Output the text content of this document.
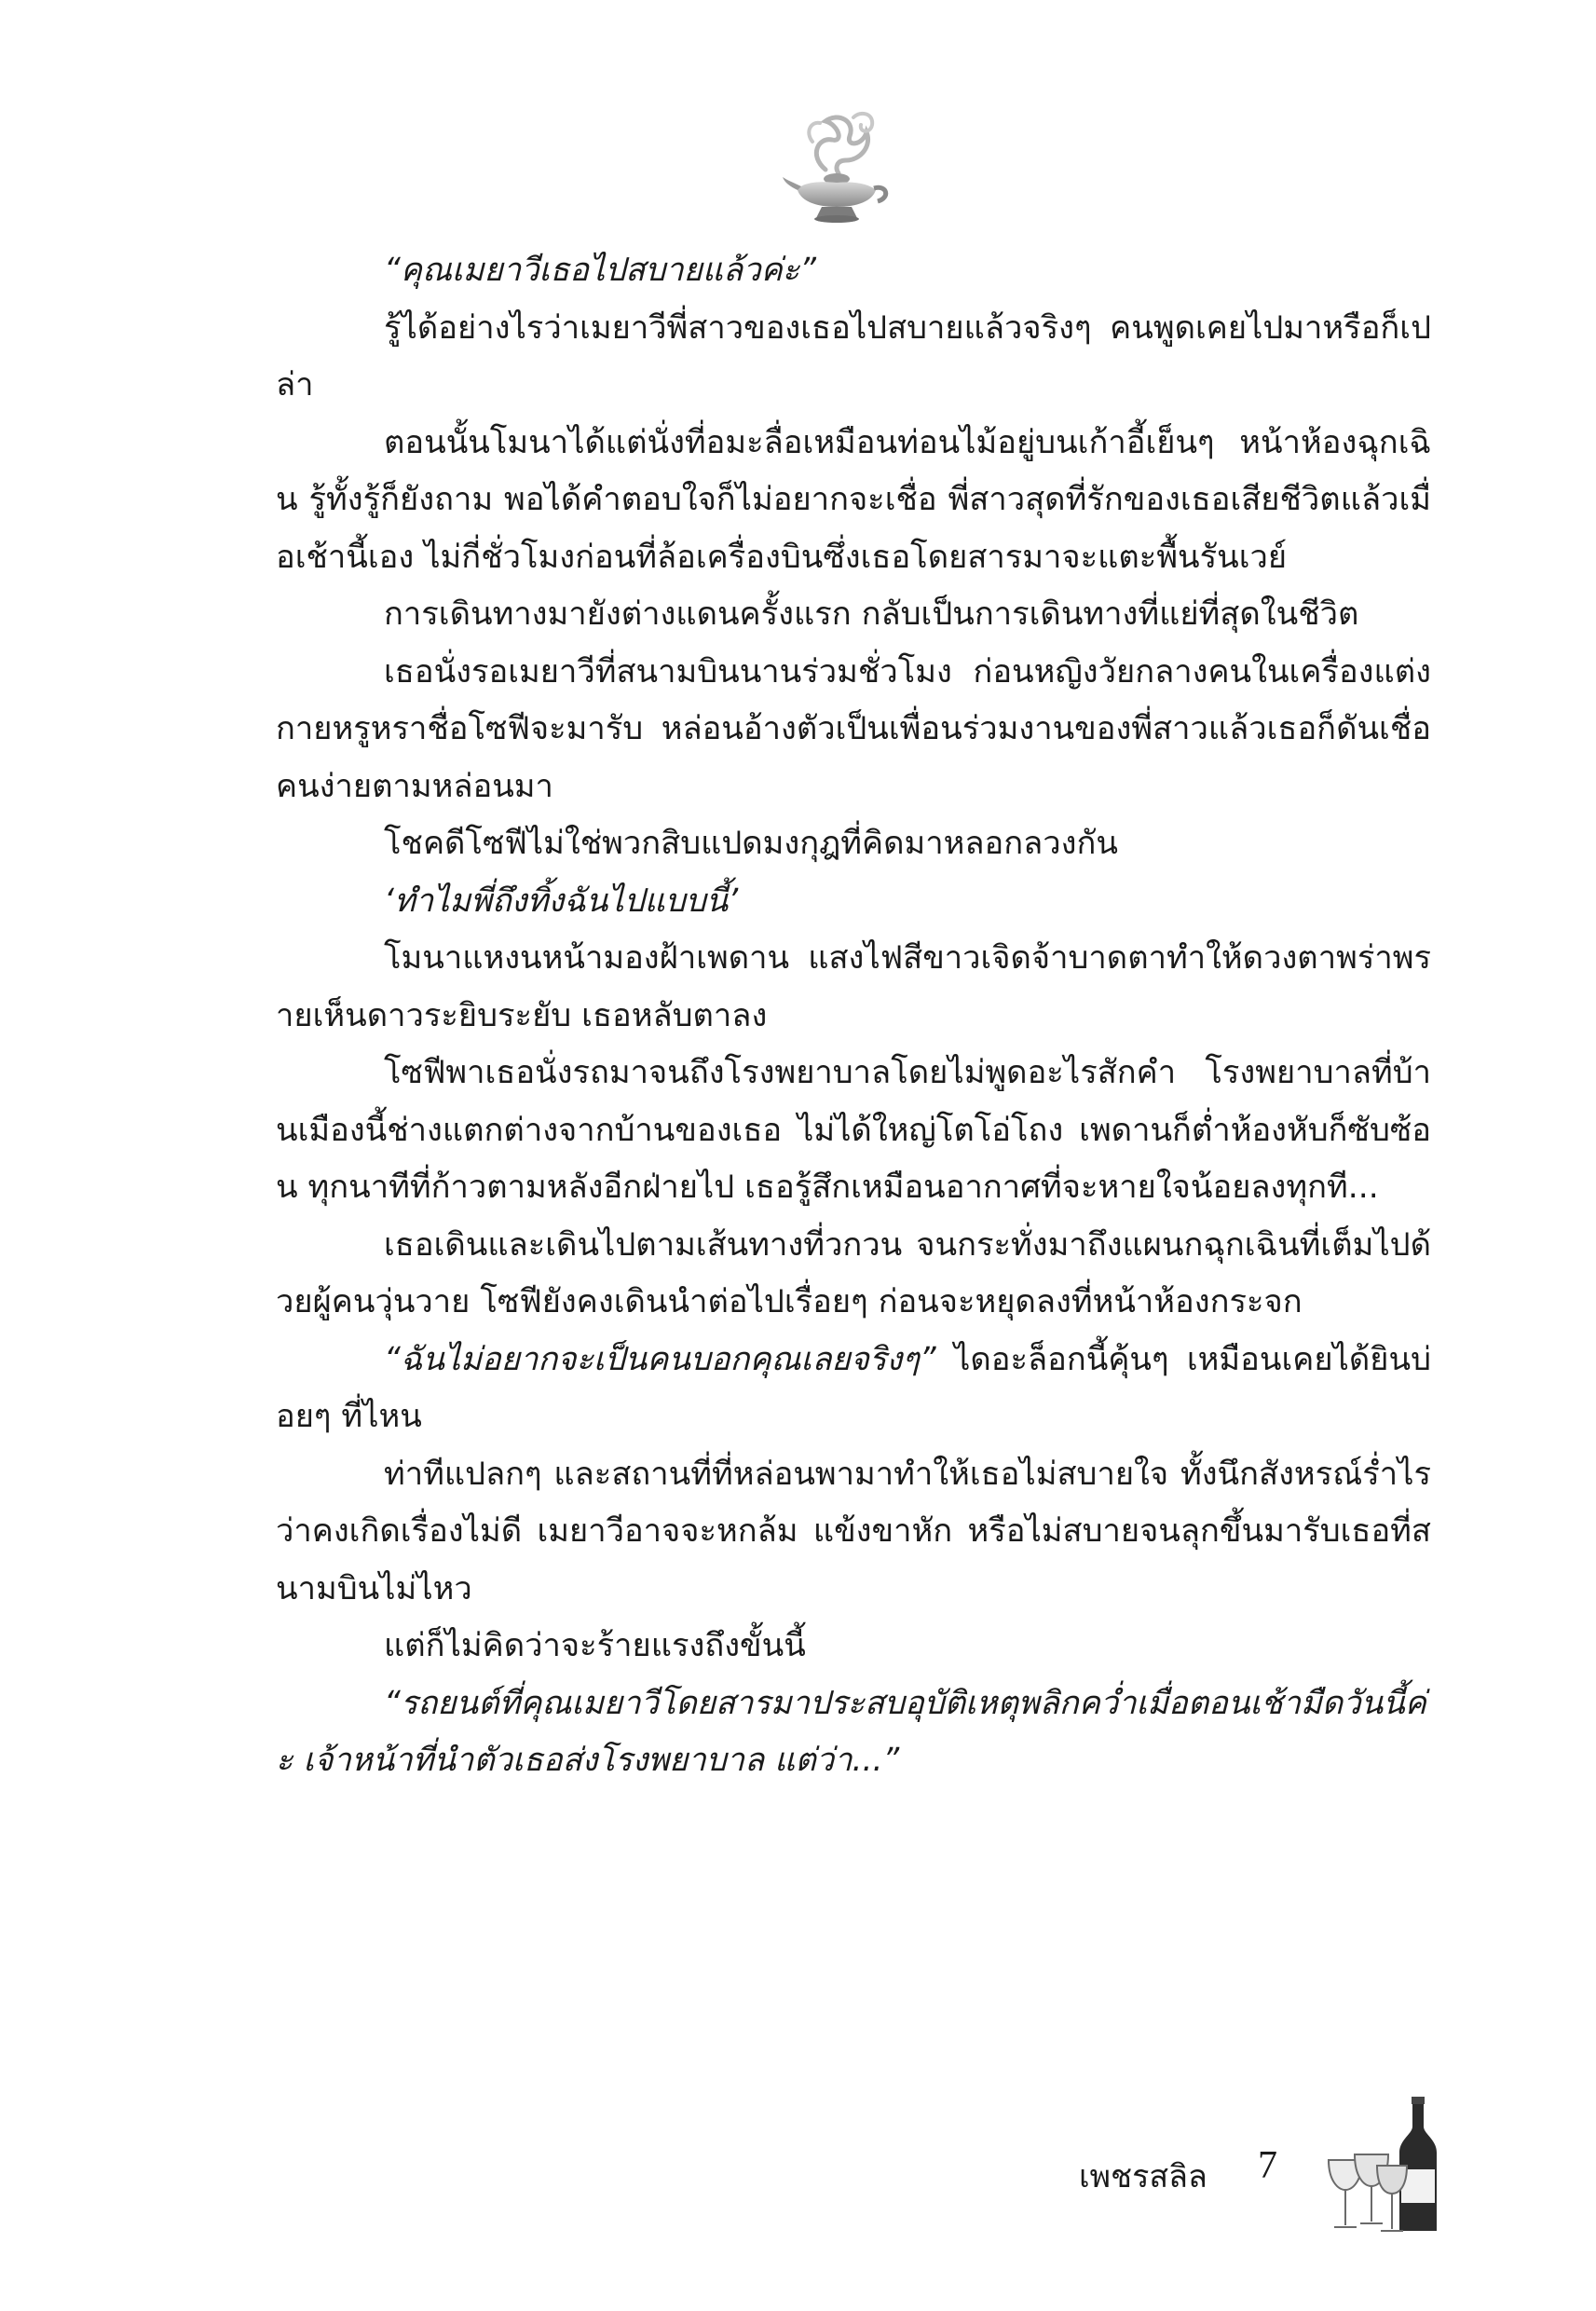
“คุณเมยาวีเธอไปสบายแล้วค่ะ”

รู้ได้อย่างไรว่าเมยาวีพี่สาวของเธอไปสบายแล้วจริงๆ คนพูดเคยไปมาหรือก็เปล่า

ตอนนั้นโมนาได้แต่นั่งที่อมะลื่อเหมือนท่อนไม้อยู่บนเก้าอี้เย็นๆ หน้าห้องฉุกเฉิน รู้ทั้งรู้ก็ยังถาม พอได้คำตอบใจก็ไม่อยากจะเชื่อ พี่สาวสุดที่รักของเธอเสียชีวิตแล้วเมื่อเช้านี้เอง ไม่กี่ชั่วโมงก่อนที่ล้อเครื่องบินซึ่งเธอโดยสารมาจะแตะพื้นรันเวย์

การเดินทางมายังต่างแดนครั้งแรก กลับเป็นการเดินทางที่แย่ที่สุดในชีวิต

เธอนั่งรอเมยาวีที่สนามบินนานร่วมชั่วโมง ก่อนหญิงวัยกลางคนในเครื่องแต่งกายหรูหราชื่อโซฟีจะมารับ หล่อนอ้างตัวเป็นเพื่อนร่วมงานของพี่สาวแล้วเธอก็ดันเชื่อคนง่ายตามหล่อนมา

โชคดีโซฟีไม่ใช่พวกสิบแปดมงกุฎที่คิดมาหลอกลวงกัน

‘ทำไมพี่ถึงทิ้งฉันไปแบบนี้’

โมนาแหงนหน้ามองฝ้าเพดาน แสงไฟสีขาวเจิดจ้าบาดตาทำให้ดวงตาพร่าพรายเห็นดาวระยิบระยับ เธอหลับตาลง

โซฟีพาเธอนั่งรถมาจนถึงโรงพยาบาลโดยไม่พูดอะไรสักคำ โรงพยาบาลที่บ้านเมืองนี้ช่างแตกต่างจากบ้านของเธอ ไม่ได้ใหญ่โตโอ่โถง เพดานก็ต่ำห้องหับก็ซับซ้อน ทุกนาทีที่ก้าวตามหลังอีกฝ่ายไป เธอรู้สึกเหมือนอากาศที่จะหายใจน้อยลงทุกที...

เธอเดินและเดินไปตามเส้นทางที่วกวน จนกระทั่งมาถึงแผนกฉุกเฉินที่เต็มไปด้วยผู้คนวุ่นวาย โซฟียังคงเดินนำต่อไปเรื่อยๆ ก่อนจะหยุดลงที่หน้าห้องกระจก

“ฉันไม่อยากจะเป็นคนบอกคุณเลยจริงๆ” ไดอะล็อกนี้คุ้นๆ เหมือนเคยได้ยินบ่อยๆ ที่ไหน

ท่าทีแปลกๆ และสถานที่ที่หล่อนพามาทำให้เธอไม่สบายใจ ทั้งนึกสังหรณ์ร่ำไรว่าคงเกิดเรื่องไม่ดี เมยาวีอาจจะหกล้ม แข้งขาหัก หรือไม่สบายจนลุกขึ้นมารับเธอที่สนามบินไม่ไหว

แต่ก็ไม่คิดว่าจะร้ายแรงถึงขั้นนี้

“รถยนต์ที่คุณเมยาวีโดยสารมาประสบอุบัติเหตุพลิกคว่ำเมื่อตอนเช้ามืดวันนี้ค่ะ เจ้าหน้าที่นำตัวเธอส่งโรงพยาบาล แต่ว่า...”

เพชรสลิล 7
